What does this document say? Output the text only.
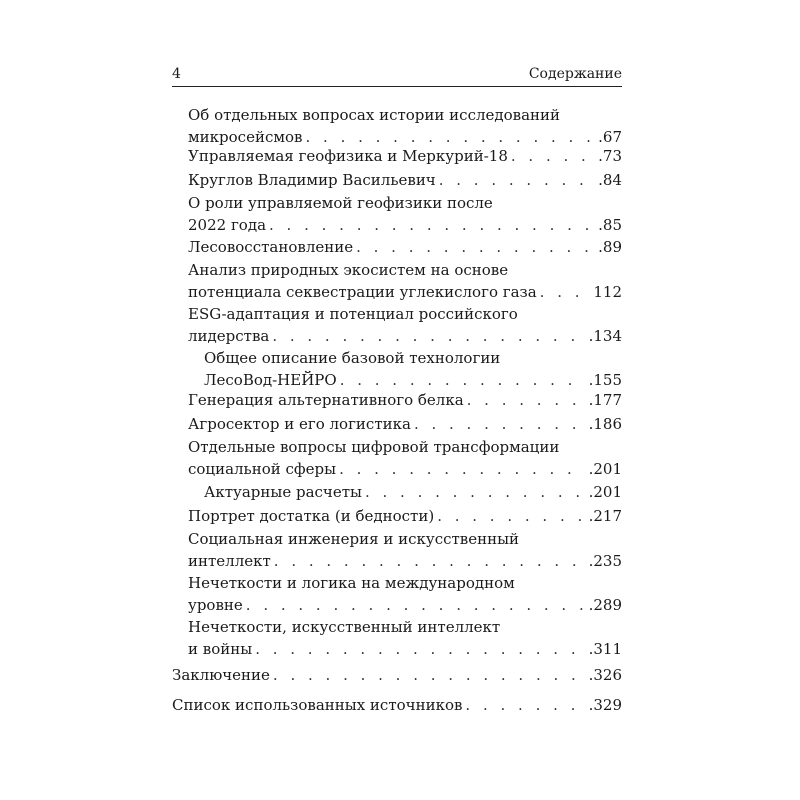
4	Содержание
Об отдельных вопросах истории исследований
микросейсмов . . .	.67
Управляемая геофизика и Меркурий-18 . . .	.73
Круглов Владимир Васильевич . . .	.84
О роли управляемой геофизики после
2022 года . . .	.85
Лесовосстановление . . .	.89
Анализ природных экосистем на основе
потенциала секвестрации углекислого газа . . .	112
ESG-адаптация и потенциал российского
лидерства . . .	.134
Общее описание базовой технологии
ЛесоВод-НЕЙРО . . .	.155
Генерация альтернативного белка . . .	.177
Агросектор и его логистика . . .	.186
Отдельные вопросы цифровой трансформации
социальной сферы . . .	.201
Актуарные расчеты . . .	.201
Портрет достатка (и бедности) . . .	.217
Социальная инженерия и искусственный
интеллект . . .	.235
Нечеткости и логика на международном
уровне . . .	.289
Нечеткости, искусственный интеллект
и войны . . .	.311
Заключение . . .	.326
Список использованных источников . . .	.329
